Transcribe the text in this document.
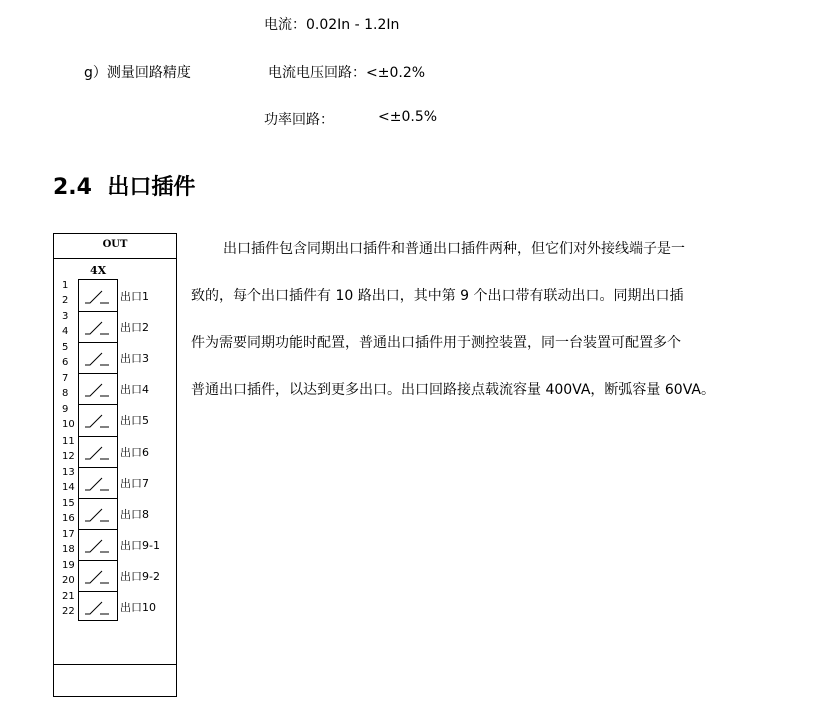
电流：0.02In - 1.2In
g）测量回路精度	电流电压回路：<±0.2%
功率回路：	<±0.5%
2.4 出口插件
出口插件包含同期出口插件和普通出口插件两种，但它们对外接线端子是一
致的，每个出口插件有 10 路出口，其中第 9 个出口带有联动出口。同期出口插
件为需要同期功能时配置，普通出口插件用于测控装置，同一台装置可配置多个
普通出口插件，以达到更多出口。出口回路接点载流容量 400VA，断弧容量 60VA。
OUT
4X
1
2	出口1
3
4	出口2
5
6	出口3
7
8	出口4
9
10	出口5
11
12	出口6
13
14	出口7
15
16	出口8
17
18	出口9-1
19
20	出口9-2
21
22	出口10
